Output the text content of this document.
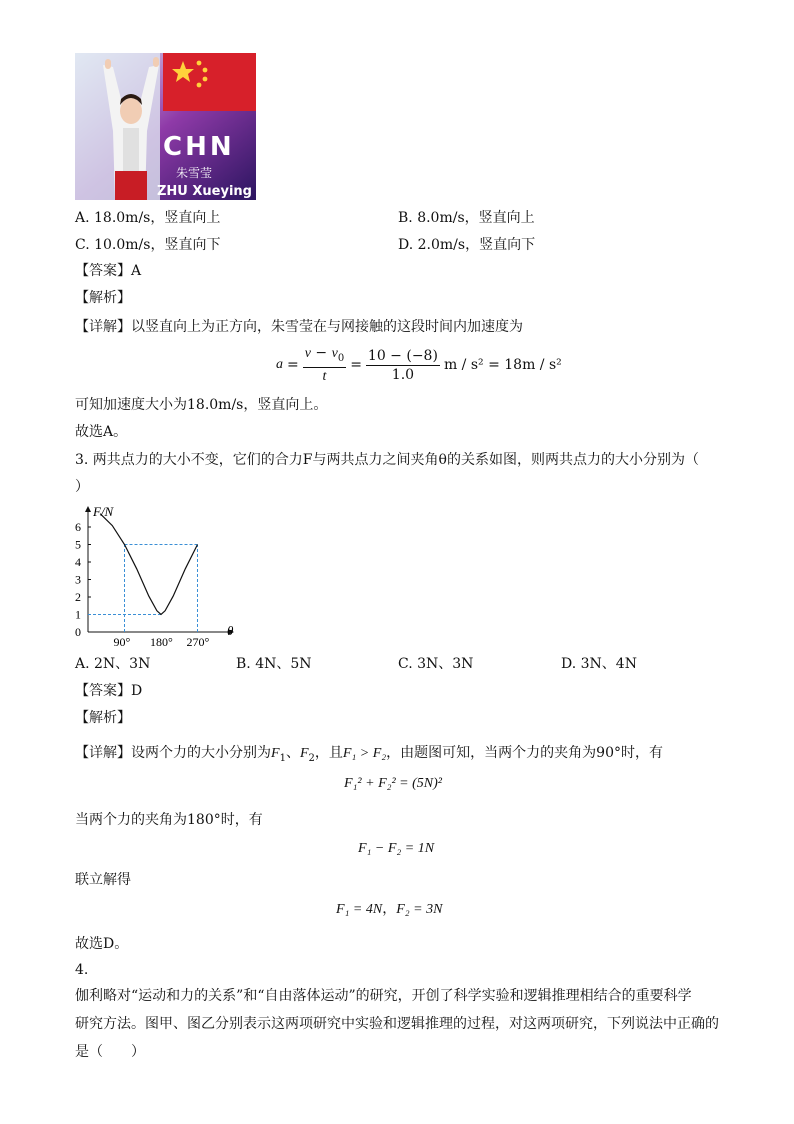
CHN
朱雪莹
ZHU Xueying
A. 18.0m/s，竖直向上	B. 8.0m/s，竖直向上
C. 10.0m/s，竖直向下	D. 2.0m/s，竖直向下
【答案】A
【解析】
【详解】以竖直向上为正方向，朱雪莹在与网接触的这段时间内加速度为
$a = \frac{v - v_0}{t} = \frac{10 - (-8)}{1.0}$ m / s² = 18m / s²
可知加速度大小为18.0m/s，竖直向上。
故选A。
3. 两共点力的大小不变，它们的合力F与两共点力之间夹角θ的关系如图，则两共点力的大小分别为（
）
F/N
θ
0
1
2
3
4
5
6
90° 180° 270°
A. 2N、3N	B. 4N、5N	C. 3N、3N	D. 3N、4N
【答案】D
【解析】
【详解】设两个力的大小分别为$F_1$、$F_2$，且F₁ > F₂，由题图可知，当两个力的夹角为90°时，有
F₁² + F₂² = (5N)²
当两个力的夹角为180°时，有
F₁ − F₂ = 1N
联立解得
F₁ = 4N，F₂ = 3N
故选D。
4.
伽利略对“运动和力的关系”和“自由落体运动”的研究，开创了科学实验和逻辑推理相结合的重要科学
研究方法。图甲、图乙分别表示这两项研究中实验和逻辑推理的过程，对这两项研究，下列说法中正确的
是（　　）
